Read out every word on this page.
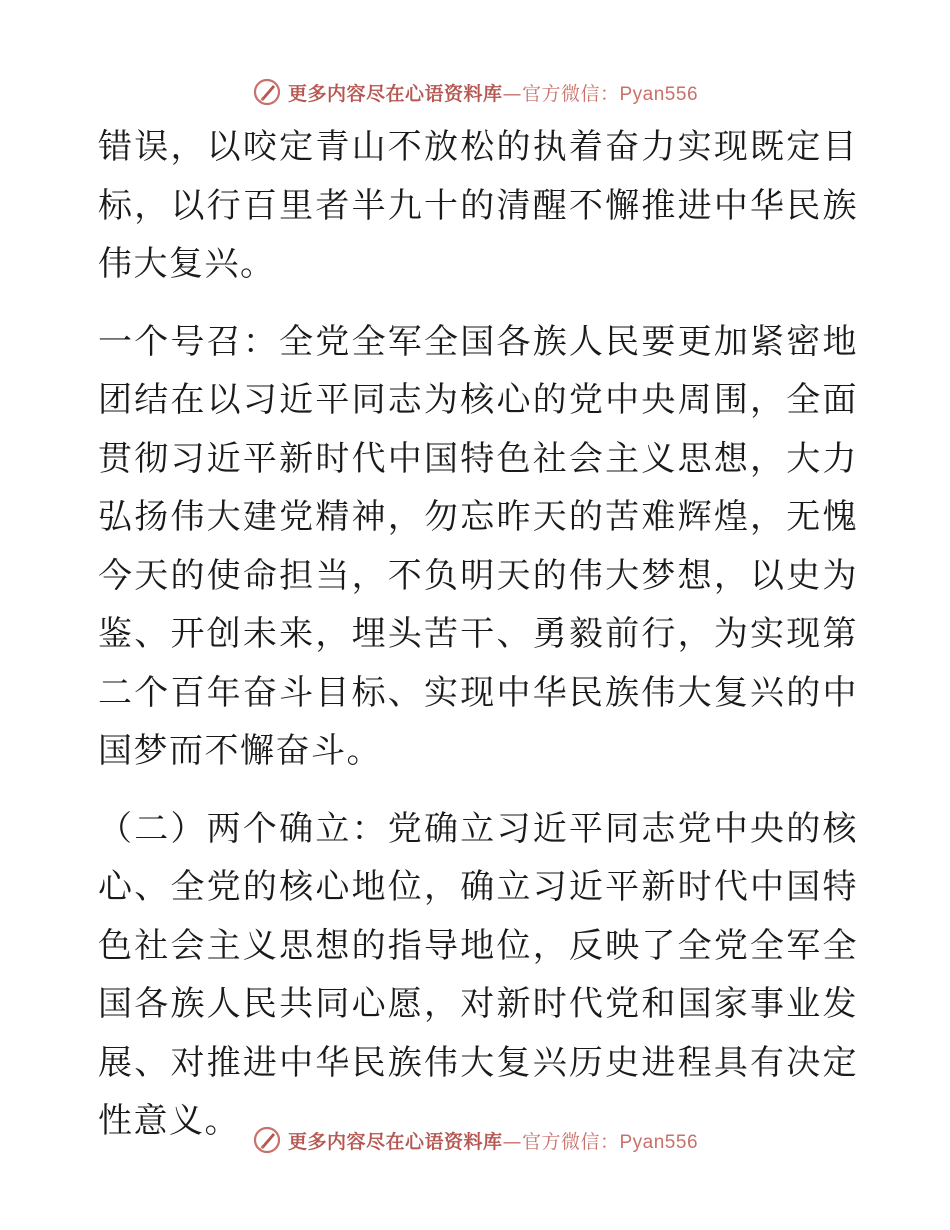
更多内容尽在心语资料库—官方微信：Pyan556

错误，以咬定青山不放松的执着奋力实现既定目标，以行百里者半九十的清醒不懈推进中华民族伟大复兴。

一个号召：全党全军全国各族人民要更加紧密地团结在以习近平同志为核心的党中央周围，全面贯彻习近平新时代中国特色社会主义思想，大力弘扬伟大建党精神，勿忘昨天的苦难辉煌，无愧今天的使命担当，不负明天的伟大梦想，以史为鉴、开创未来，埋头苦干、勇毅前行，为实现第二个百年奋斗目标、实现中华民族伟大复兴的中国梦而不懈奋斗。

（二）两个确立：党确立习近平同志党中央的核心、全党的核心地位，确立习近平新时代中国特色社会主义思想的指导地位，反映了全党全军全国各族人民共同心愿，对新时代党和国家事业发展、对推进中华民族伟大复兴历史进程具有决定性意义。

更多内容尽在心语资料库—官方微信：Pyan556
